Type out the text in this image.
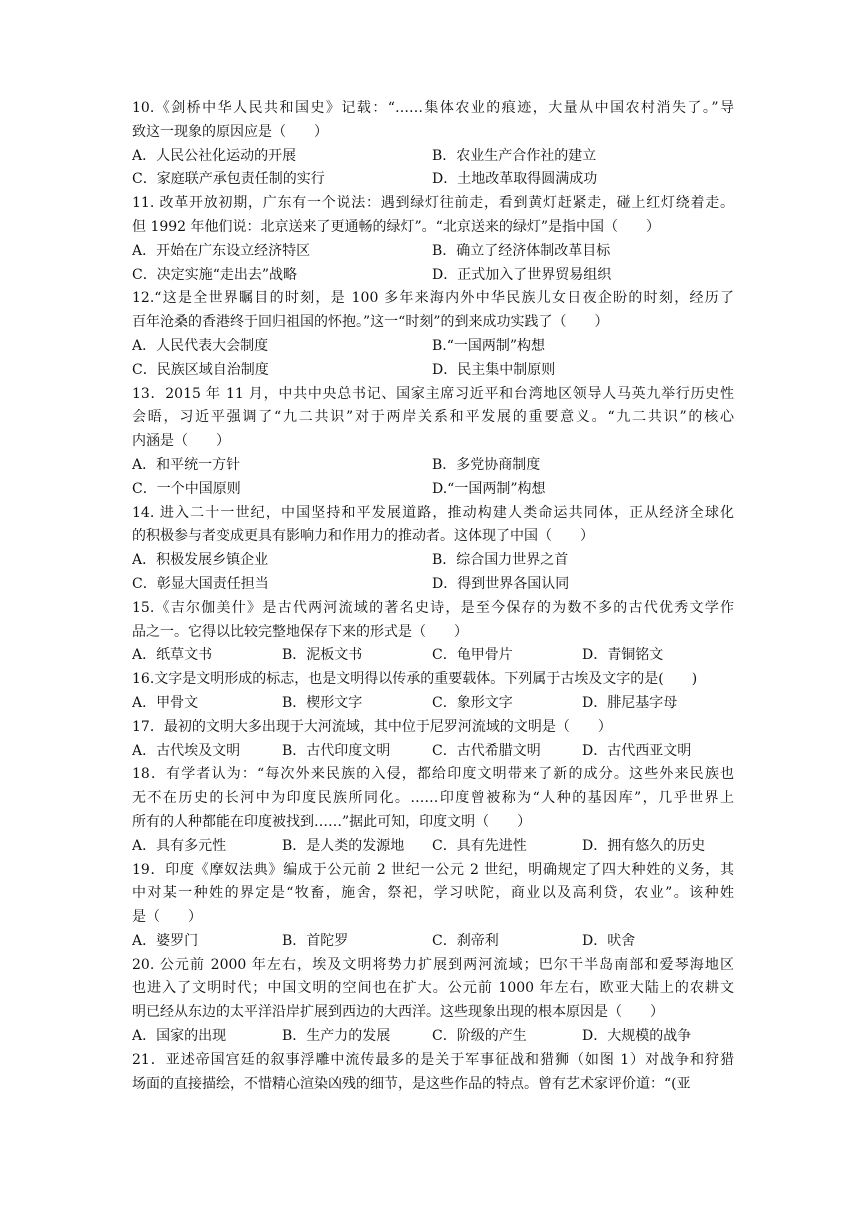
10.《剑桥中华人民共和国史》记载：“……集体农业的痕迹，大量从中国农村消失了。”导
致这一现象的原因应是（　　）
A．人民公社化运动的开展	B．农业生产合作社的建立
C．家庭联产承包责任制的实行	D．土地改革取得圆满成功
11. 改革开放初期，广东有一个说法：遇到绿灯往前走，看到黄灯赶紧走，碰上红灯绕着走。
但 1992 年他们说：北京送来了更通畅的绿灯”。“北京送来的绿灯”是指中国（　　）
A．开始在广东设立经济特区	B．确立了经济体制改革目标
C．决定实施“走出去”战略	D．正式加入了世界贸易组织
12.“这是全世界瞩目的时刻，是 100 多年来海内外中华民族儿女日夜企盼的时刻，经历了
百年沧桑的香港终于回归祖国的怀抱。”这一“时刻”的到来成功实践了（　　）
A．人民代表大会制度	B.“一国两制”构想
C．民族区域自治制度	D．民主集中制原则
13．2015 年 11 月，中共中央总书记、国家主席习近平和台湾地区领导人马英九举行历史性
会晤，习近平强调了“九二共识”对于两岸关系和平发展的重要意义。“九二共识”的核心
内涵是（　　）
A．和平统一方针	B．多党协商制度
C．一个中国原则	D.“一国两制”构想
14. 进入二十一世纪，中国坚持和平发展道路，推动构建人类命运共同体，正从经济全球化
的积极参与者变成更具有影响力和作用力的推动者。这体现了中国（　　）
A．积极发展乡镇企业	B．综合国力世界之首
C．彰显大国责任担当	D．得到世界各国认同
15.《吉尔伽美什》是古代两河流域的著名史诗，是至今保存的为数不多的古代优秀文学作
品之一。它得以比较完整地保存下来的形式是（　　）
A．纸草文书	B．泥板文书	C．龟甲骨片	D．青铜铭文
16.文字是文明形成的标志，也是文明得以传承的重要载体。下列属于古埃及文字的是(　　)
A．甲骨文	B．楔形文字	C．象形文字	D．腓尼基字母
17．最初的文明大多出现于大河流域，其中位于尼罗河流域的文明是（　　）
A．古代埃及文明	B．古代印度文明	C．古代希腊文明	D．古代西亚文明
18．有学者认为：“每次外来民族的入侵，都给印度文明带来了新的成分。这些外来民族也
无不在历史的长河中为印度民族所同化。……印度曾被称为“人种的基因库”，几乎世界上
所有的人种都能在印度被找到……”据此可知，印度文明（　　）
A．具有多元性	B．是人类的发源地	C．具有先进性	D．拥有悠久的历史
19．印度《摩奴法典》编成于公元前 2 世纪一公元 2 世纪，明确规定了四大种姓的义务，其
中对某一种姓的界定是“牧畜，施舍，祭祀，学习吠陀，商业以及高利贷，农业”。该种姓
是（　　）
A．婆罗门	B．首陀罗	C．刹帝利	D．吠舍
20. 公元前 2000 年左右，埃及文明将势力扩展到两河流域；巴尔干半岛南部和爱琴海地区
也进入了文明时代；中国文明的空间也在扩大。公元前 1000 年左右，欧亚大陆上的农耕文
明已经从东边的太平洋沿岸扩展到西边的大西洋。这些现象出现的根本原因是（　　）
A．国家的出现	B．生产力的发展	C．阶级的产生	D．大规模的战争
21．亚述帝国宫廷的叙事浮雕中流传最多的是关于军事征战和猎狮（如图 1）对战争和狩猎
场面的直接描绘，不惜精心渲染凶残的细节，是这些作品的特点。曾有艺术家评价道：“(亚
